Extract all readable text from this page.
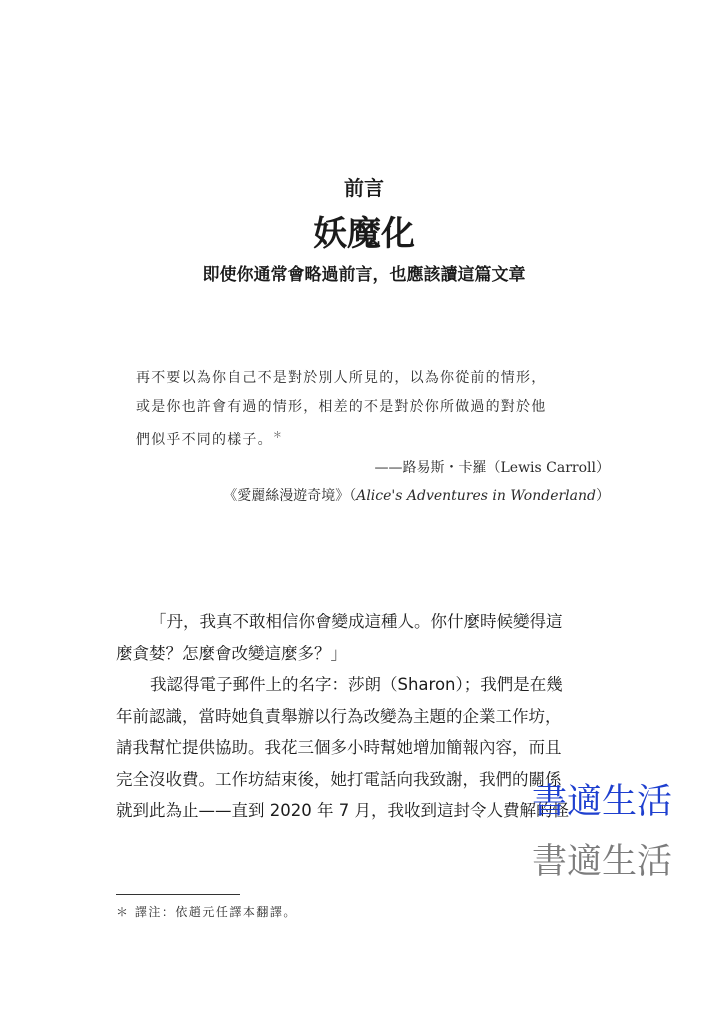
前言
妖魔化
即使你通常會略過前言，也應該讀這篇文章

再不要以為你自己不是對於別人所見的，以為你從前的情形，

或是你也許會有過的情形，相差的不是對於你所做過的對於他

們似乎不同的樣子。＊

——路易斯・卡羅（Lewis Carroll）
《愛麗絲漫遊奇境》（Alice's Adventures in Wonderland）

「丹，我真不敢相信你會變成這種人。你什麼時候變得這

麼貪婪？怎麼會改變這麼多？」

我認得電子郵件上的名字：莎朗（Sharon）；我們是在幾

年前認識，當時她負責舉辦以行為改變為主題的企業工作坊，

請我幫忙提供協助。我花三個多小時幫她增加簡報內容，而且

完全沒收費。工作坊結束後，她打電話向我致謝，我們的關係

就到此為止——直到 2020 年 7 月，我收到這封令人費解的怪

＊ 譯注：依趙元任譯本翻譯。
書適生活
書適生活
